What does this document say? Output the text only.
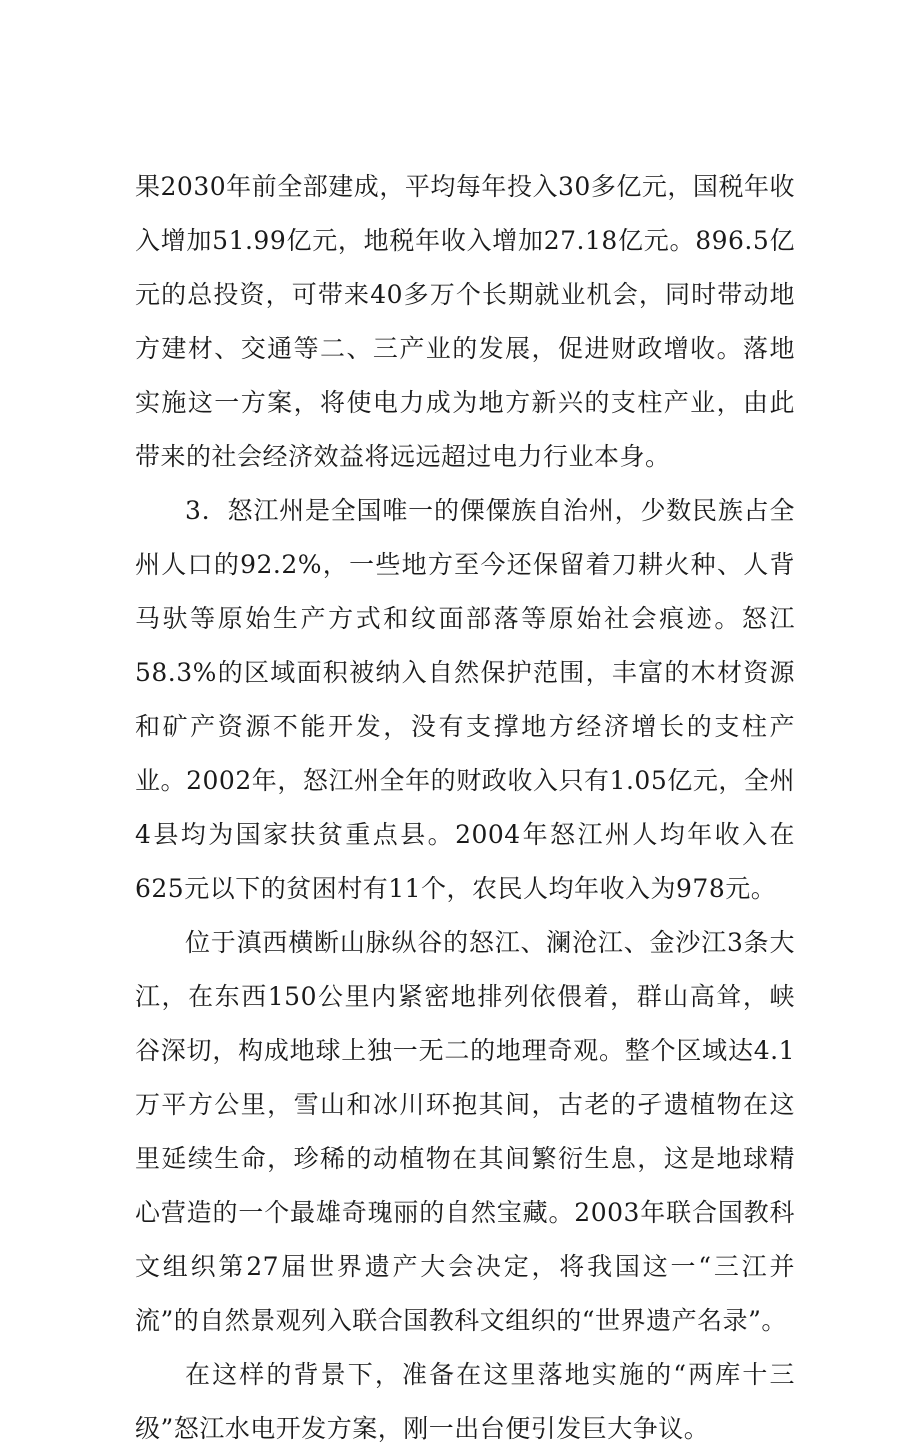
果2030年前全部建成，平均每年投入30多亿元，国税年收入增加51.99亿元，地税年收入增加27.18亿元。896.5亿元的总投资，可带来40多万个长期就业机会，同时带动地方建材、交通等二、三产业的发展，促进财政增收。落地实施这一方案，将使电力成为地方新兴的支柱产业，由此带来的社会经济效益将远远超过电力行业本身。

3．怒江州是全国唯一的傈僳族自治州，少数民族占全州人口的92.2%，一些地方至今还保留着刀耕火种、人背马驮等原始生产方式和纹面部落等原始社会痕迹。怒江58.3%的区域面积被纳入自然保护范围，丰富的木材资源和矿产资源不能开发，没有支撑地方经济增长的支柱产业。2002年，怒江州全年的财政收入只有1.05亿元，全州4县均为国家扶贫重点县。2004年怒江州人均年收入在625元以下的贫困村有11个，农民人均年收入为978元。

位于滇西横断山脉纵谷的怒江、澜沧江、金沙江3条大江，在东西150公里内紧密地排列依偎着，群山高耸，峡谷深切，构成地球上独一无二的地理奇观。整个区域达4.1万平方公里，雪山和冰川环抱其间，古老的孑遗植物在这里延续生命，珍稀的动植物在其间繁衍生息，这是地球精心营造的一个最雄奇瑰丽的自然宝藏。2003年联合国教科文组织第27届世界遗产大会决定，将我国这一“三江并流”的自然景观列入联合国教科文组织的“世界遗产名录”。

在这样的背景下，准备在这里落地实施的“两库十三级”怒江水电开发方案，刚一出台便引发巨大争议。
